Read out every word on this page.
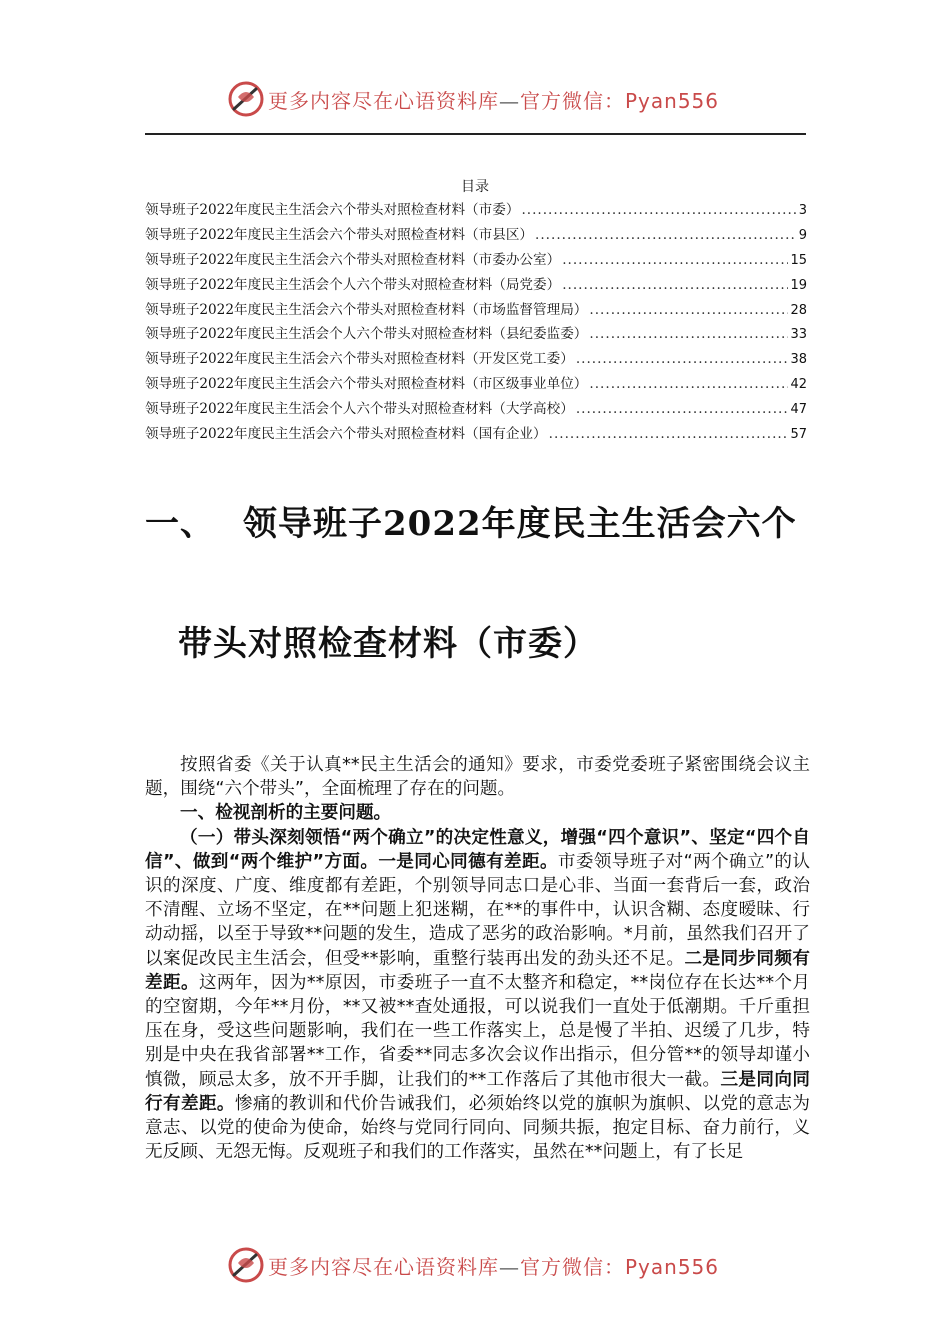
更多内容尽在心语资料库—官方微信：Pyan556
目录
领导班子2022年度民主生活会六个带头对照检查材料（市委） .....	3
领导班子2022年度民主生活会六个带头对照检查材料（市县区） .....	9
领导班子2022年度民主生活会六个带头对照检查材料（市委办公室） .....	15
领导班子2022年度民主生活会个人六个带头对照检查材料（局党委） .....	19
领导班子2022年度民主生活会六个带头对照检查材料（市场监督管理局） .....	28
领导班子2022年度民主生活会个人六个带头对照检查材料（县纪委监委） .....	33
领导班子2022年度民主生活会六个带头对照检查材料（开发区党工委） .....	38
领导班子2022年度民主生活会六个带头对照检查材料（市区级事业单位） .....	42
领导班子2022年度民主生活会个人六个带头对照检查材料（大学高校） .....	47
领导班子2022年度民主生活会六个带头对照检查材料（国有企业） .....	57
一、 领导班子2022年度民主生活会六个
带头对照检查材料（市委）

按照省委《关于认真**民主生活会的通知》要求，市委党委班子紧密围绕会议主题，围绕“六个带头”，全面梳理了存在的问题。

一、检视剖析的主要问题。

（一）带头深刻领悟“两个确立”的决定性意义，增强“四个意识”、坚定“四个自信”、做到“两个维护”方面。一是同心同德有差距。市委领导班子对“两个确立”的认识的深度、广度、维度都有差距，个别领导同志口是心非、当面一套背后一套，政治不清醒、立场不坚定，在**问题上犯迷糊，在**的事件中，认识含糊、态度暧昧、行动动摇，以至于导致**问题的发生，造成了恶劣的政治影响。*月前，虽然我们召开了以案促改民主生活会，但受**影响，重整行装再出发的劲头还不足。二是同步同频有差距。这两年，因为**原因，市委班子一直不太整齐和稳定，**岗位存在长达**个月的空窗期，今年**月份，**又被**查处通报，可以说我们一直处于低潮期。千斤重担压在身，受这些问题影响，我们在一些工作落实上，总是慢了半拍、迟缓了几步，特别是中央在我省部署**工作，省委**同志多次会议作出指示，但分管**的领导却谨小慎微，顾忌太多，放不开手脚，让我们的**工作落后了其他市很大一截。三是同向同行有差距。惨痛的教训和代价告诫我们，必须始终以党的旗帜为旗帜、以党的意志为意志、以党的使命为使命，始终与党同行同向、同频共振，抱定目标、奋力前行，义无反顾、无怨无悔。反观班子和我们的工作落实，虽然在**问题上，有了长足

更多内容尽在心语资料库—官方微信：Pyan556
